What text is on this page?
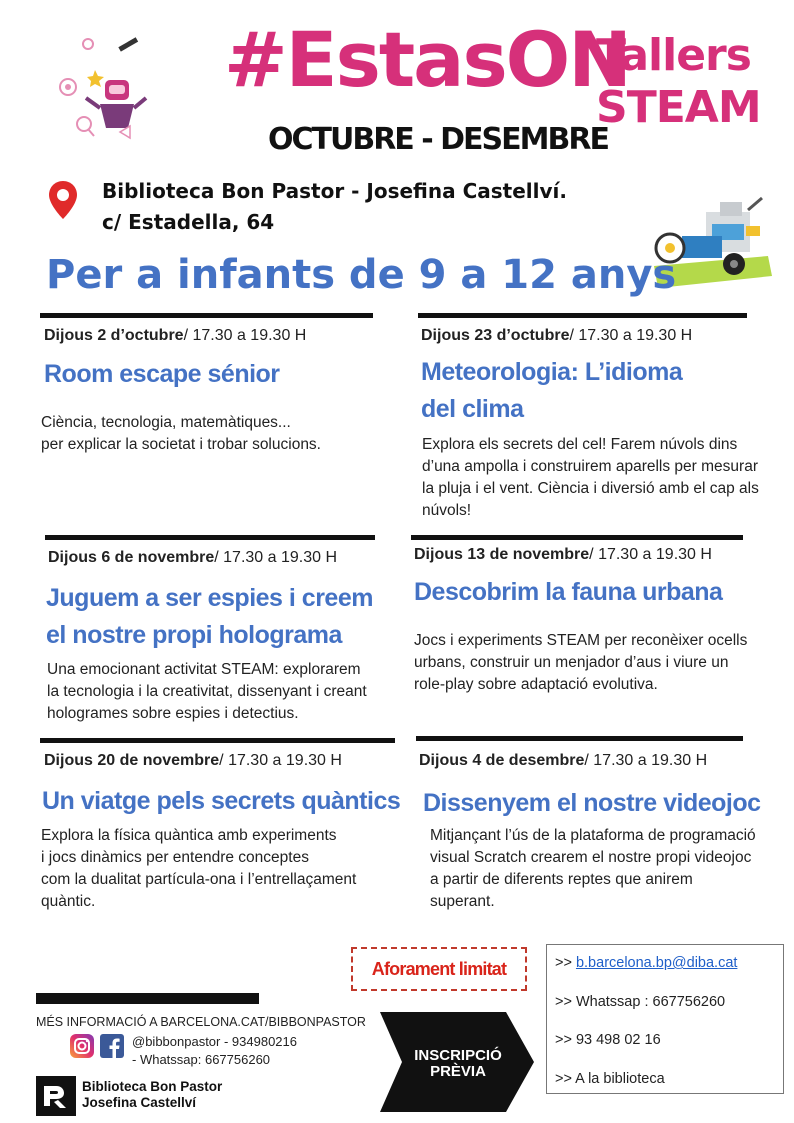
#EstasON
OCTUBRE - DESEMBRE
Tallers
STEAM
Biblioteca Bon Pastor - Josefina Castellví.
c/ Estadella, 64
Per a infants de 9 a 12 anys
Dijous 2 d’octubre/ 17.30 a 19.30 H
Room escape sénior
Ciència, tecnologia, matemàtiques...
per explicar la societat i trobar solucions.
Dijous 23 d’octubre/ 17.30 a 19.30 H
Meteorologia: L’idioma
del clima
Explora els secrets del cel! Farem núvols dins
d’una ampolla i construirem aparells per mesurar
la pluja i el vent. Ciència i diversió amb el cap als
núvols!
Dijous 6 de novembre/ 17.30 a 19.30 H
Juguem a ser espies i creem
el nostre propi holograma
Una emocionant activitat STEAM: explorarem
la tecnologia i la creativitat, dissenyant i creant
hologrames sobre espies i detectius.
Dijous 13 de novembre/ 17.30 a 19.30 H
Descobrim la fauna urbana
Jocs i experiments STEAM per reconèixer ocells
urbans, construir un menjador d’aus i viure un
role-play sobre adaptació evolutiva.
Dijous 20 de novembre/ 17.30 a 19.30 H
Un viatge pels secrets quàntics
Explora la física quàntica amb experiments
i jocs dinàmics per entendre conceptes
com la dualitat partícula-ona i l’entrellaçament
quàntic.
Dijous 4 de desembre/ 17.30 a 19.30 H
Dissenyem el nostre videojoc
Mitjançant l’ús de la plataforma de programació
visual Scratch crearem el nostre propi videojoc
a partir de diferents reptes que anirem
superant.
Aforament limitat
INSCRIPCIÓ
PRÈVIA
>> b.barcelona.bp@diba.cat
>> Whatssap : 667756260
>> 93 498 02 16
>> A la biblioteca
MÉS INFORMACIÓ A BARCELONA.CAT/BIBBONPASTOR
@bibbonpastor - 934980216
- Whatssap: 667756260
Biblioteca Bon Pastor
Josefina Castellví
